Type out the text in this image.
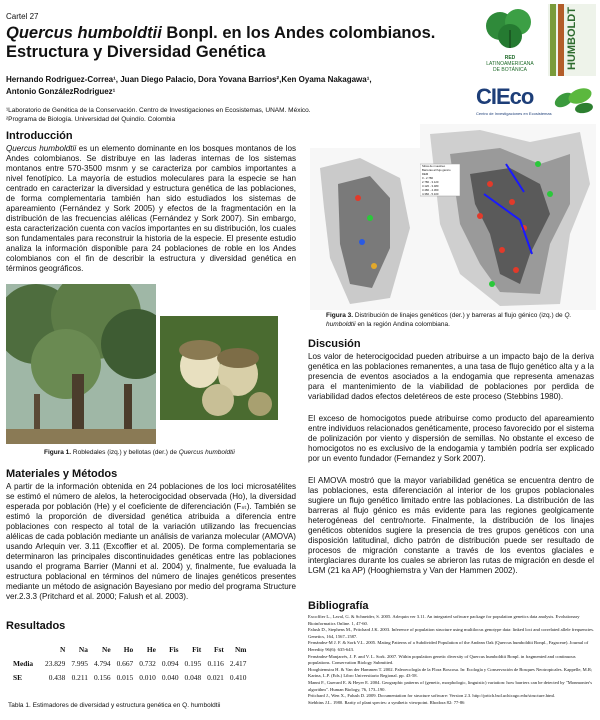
Cartel 27
Quercus humboldtii Bonpl. en los Andes colombianos.
Estructura y Diversidad Genética
Hernando Rodriguez-Correa¹, Juan Diego Palacio, Dora Yovana Barrios²,Ken Oyama Nakagawa¹,
Antonio GonzálezRodriguez¹
¹Laboratorio de Genética de la Conservación. Centro de Investigaciones en Ecosistemas, UNAM. México.
²Programa de Biología. Universidad del Quindío. Colombia
RED
LATINOAMERICANA
DE BOTÁNICA	HUMBOLDT
CIEco
Centro de Investigaciones en Ecosistemas
Introducción
Quercus humboldtii es un elemento dominante en los bosques montanos de los Andes colombianos. Se distribuye en las laderas internas de los sistemas montanos entre 570-3500 msnm y se caracteriza por cambios importantes a nivel fenotípico. La mayoría de estudios moleculares para la especie se han centrado en caracterizar la diversidad y estructura genética de las poblaciones, de forma complementaria también han sido estudiados los sistemas de apareamiento (Fernández y Sork 2005) y efectos de la fragmentación en la distribución de las frecuencias alélicas (Fernández y Sork 2007). Sin embargo, esta caracterización cuenta con vacíos importantes en su distribución, los cuales son fundamentales para reconstruir la historia de la especie. El presente estudio analiza la información disponible para 24 poblaciones de roble en los Andes colombianos con el fin de describir la estructura y diversidad genética en términos geográficos.
Figura 1. Robledales (izq.) y bellotas (der.) de Quercus humboldtii
Materiales y Métodos
A partir de la información obtenida en 24 poblaciones de los loci microsatélites se estimó el número de alelos, la heterocigocidad observada (Ho), la diversidad esperada por población (He) y el coeficiente de diferenciación (Fₛₜ). También se estimó la proporción de diversidad genética atribuida a diferencia entre poblaciones con respecto al total de la variación utilizando las frecuencias alélicas de cada población mediante un análisis de varianza molecular (AMOVA) usando Arlequin ver. 3.11 (Excoffier et al. 2005). De forma complementaria se determinaron las principales discontinuidades genéticas entre las poblaciones usando el programa Barrier (Manni et al. 2004) y, finalmente, fue evaluada la estructura poblacional en términos del número de linajes genéticos presentes mediante un método de asignación Bayesiano por medio del programa Structure ver.2.3.3 (Pritchard et al. 2000; Falush et al. 2003).
Resultados
	N	Na	Ne	Ho	He	Fis	Fit	Fst	Nm
Media	23.829	7.995	4.794	0.667	0.732	0.094	0.195	0.116	2.417
SE	0.438	0.211	0.156	0.015	0.010	0.040	0.048	0.021	0.410
Tabla 1. Estimadores de diversidad y estructura genética en Q. humboldtii
Sitios de muestreo
Barreras al flujo génico
DEM
0 - 2.780
2.780 - 3.120
3.120 - 3.480
3.480 - 4.360
4.360 - 5.100
Figura 3. Distribución de linajes genéticos (der.) y barreras al flujo génico (izq.) de Q. humboldtii en la región Andina colombiana.
Discusión
Los valor de heterocigocidad pueden atribuirse a un impacto bajo de la deriva genética en las poblaciones remanentes, a una tasa de flujo genético alta y a la presencia de eventos asociados a la endogamia que representa amenazas para el mantenimiento de la viabilidad de poblaciones por perdida de variabilidad dados efectos deletéreos de este proceso (Stebbins 1980).
El exceso de homocigotos puede atribuirse como producto del apareamiento entre individuos relacionados genéticamente, proceso favorecido por el sistema de polinización por viento y dispersión de semillas. No obstante el exceso de homocigotos no es exclusivo de la endogamia y también podría ser explicado por un evento fundador (Fernandez y Sork 2007).
El AMOVA mostró que la mayor variabilidad genética se encuentra dentro de las poblaciones, esta diferenciación al interior de los grupos poblacionales sugiere un flujo genético limitado entre las poblaciones. La distribución de las barreras al flujo génico es más evidente para las regiones geolgicamente heterogéneas del centro/norte. Finalmente, la distribución de los linajes genéticos obtenidos sugiere la presencia de tres grupos genéticos con una disposición latitudinal, dicho patrón de distribución puede ser resultado de procesos de migración constante a través de los eventos glaciales e interglaciares durante los cuales se abrieron las rutas de migración en desde el LGM (21 ka AP) (Hooghiemstra y Van der Hammen 2002).
Bibliografía
Excoffier L., Laval, G. & Schneider, S. 2005. Arlequin ver 3.11. An integrated software package for population genetics data analysis. Evolutionary Bioinformatics Online. 1, 47-60.
Falush D., Stephens M., Pritchard J.K. 2003. Inference of population structure using multilocus genotype data: linked loci and correlated allele frequencies. Genetics, 164, 1567–1587.
Fernández-M J. F. & Sork V.L. 2005. Mating Patterns of a Subdivided Population of the Andean Oak (Quercus humboldtii Bonpl., Fagaceae). Journal of Heredity 96(6): 635-643.
Fernández-Manjarrés, J. F. and V. L. Sork. 2007. Within population genetic diversity of Quercus humboldtii Bonpl. in fragmented and continuous populations. Conservation Biology Submitted.
Hooghiemstra H. & Van der Hammen T. 2002. Paleoecología de la Flora Boscosa. In: Ecología y Conservación de Bosques Neotropicales. Kappelle, M.R; Karina, L.P. (Eds.) Libro Universitario Regional. pp. 43-58.
Manni F., Guerard E. & Heyer E. 2004. Geographic patterns of (genetic, morphologic, linguistic) variation: how barriers can be detected by "Monmonier's algorithm". Human Biology, 76, 173–190.
Pritchard J., Wen X., Falush D. 2009. Documentation for structure software: Version 2.3. http://pritch.bsd.uchicago.edu/structure.html.
Stebbins J.L. 1980. Rarity of plant species: a synthetic viewpoint. Rhodora 82: 77-86
